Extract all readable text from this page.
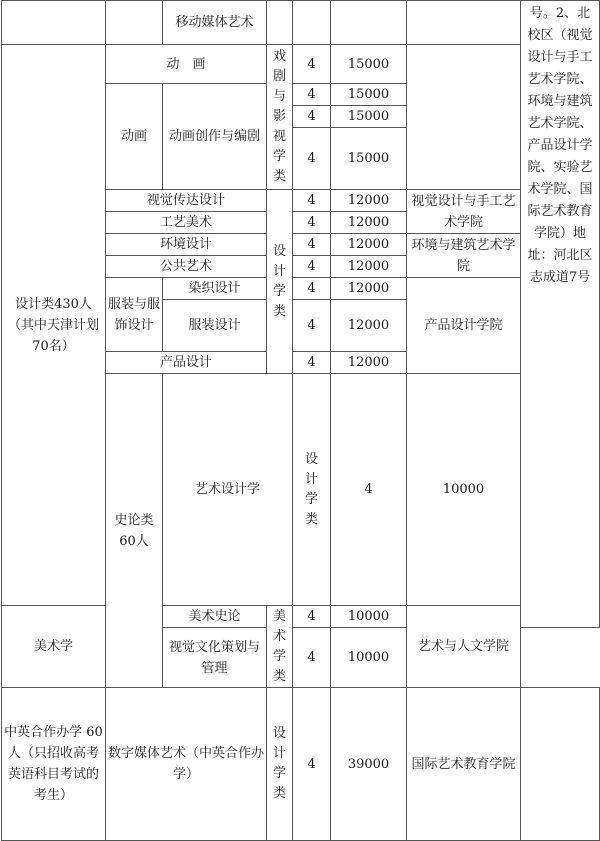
		移动媒体艺术					号。2、北校区（视觉设计与手工艺术学院、环境与建筑艺术学院、产品设计学院、实验艺术学院、国际艺术教育学院）地址：河北区志成道7号	
设计类430人（其中天津计划70名）	动　画		戏剧与影视学类	4	15000			
	动画	动画创作与编剧		4	15000			
				4	15000			
				4	15000			
	视觉传达设计		设计学类	4	12000	视觉设计与手工艺术学院		
	工艺美术			4	12000			
	环境设计			4	12000	环境与建筑艺术学院		
	公共艺术			4	12000			
	服装与服饰设计	染织设计		4	12000	产品设计学院		
		服装设计		4	12000			

	产品设计			4	12000			
	史论类60人	艺术设计学		设计学类	4	10000	
美术学		美术史论	美术学类	4	10000	艺术与人文学院		
		视觉文化策划与管理		4	10000			
中英合作办学 60人（只招收高考英语科目考试的考生）	数字媒体艺术（中英合作办学）		设计学类	4	39000	国际艺术教育学院		
